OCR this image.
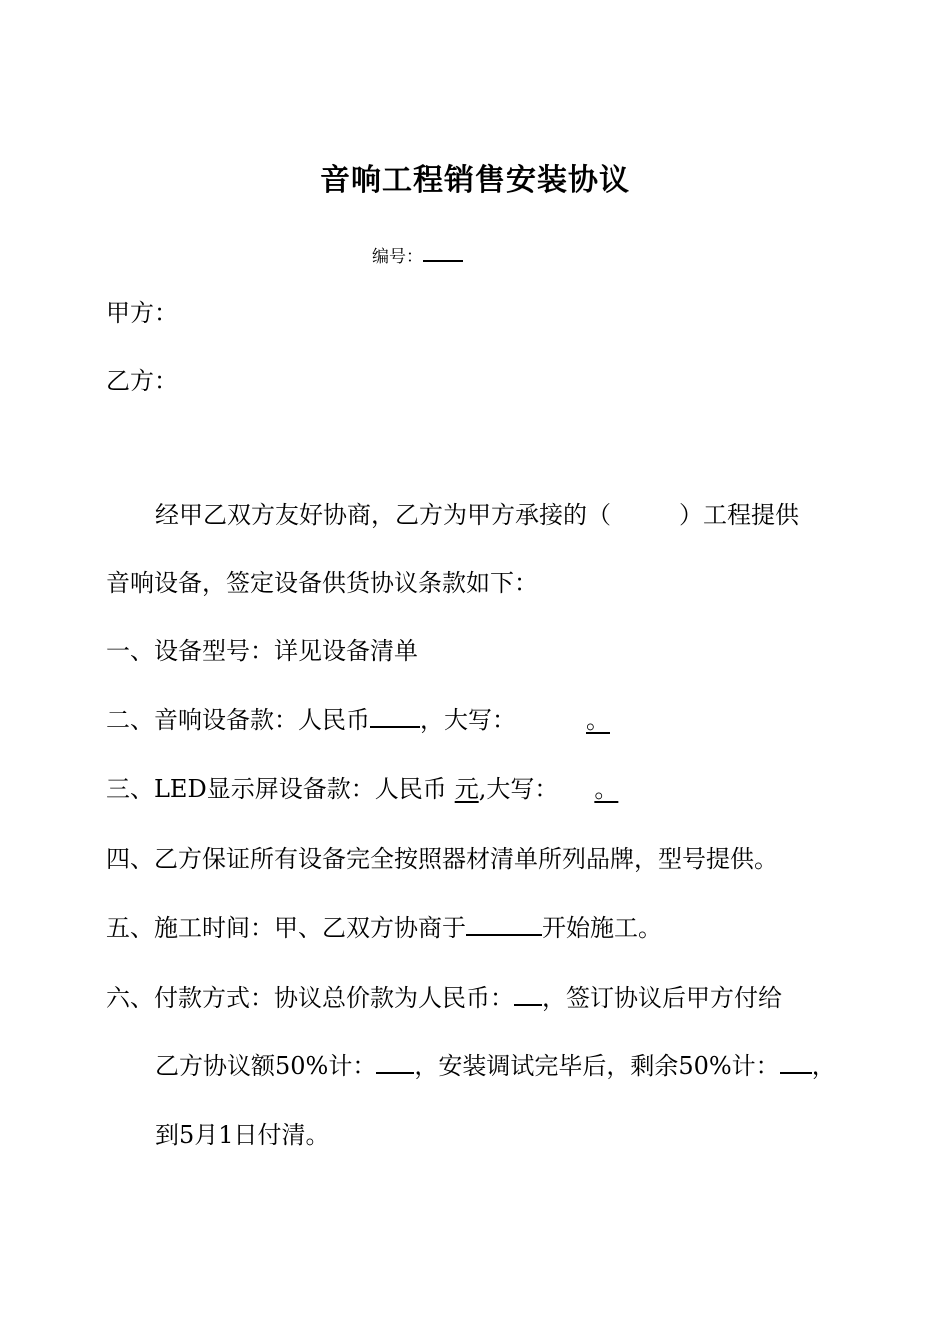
音响工程销售安装协议
编号：
甲方：
乙方：
经甲乙双方友好协商，乙方为甲方承接的（	）工程提供
音响设备，签定设备供货协议条款如下：
一、设备型号：详见设备清单
二、音响设备款：人民币 ，大写：	。
三、LED显示屏设备款：人民币 元,大写： 。
四、乙方保证所有设备完全按照器材清单所列品牌，型号提供。
五、施工时间：甲、乙双方协商于	开始施工。
六、付款方式：协议总价款为人民币： ，签订协议后甲方付给
乙方协议额50%计： ，安装调试完毕后，剩余50%计： ，
到5月1日付清。
